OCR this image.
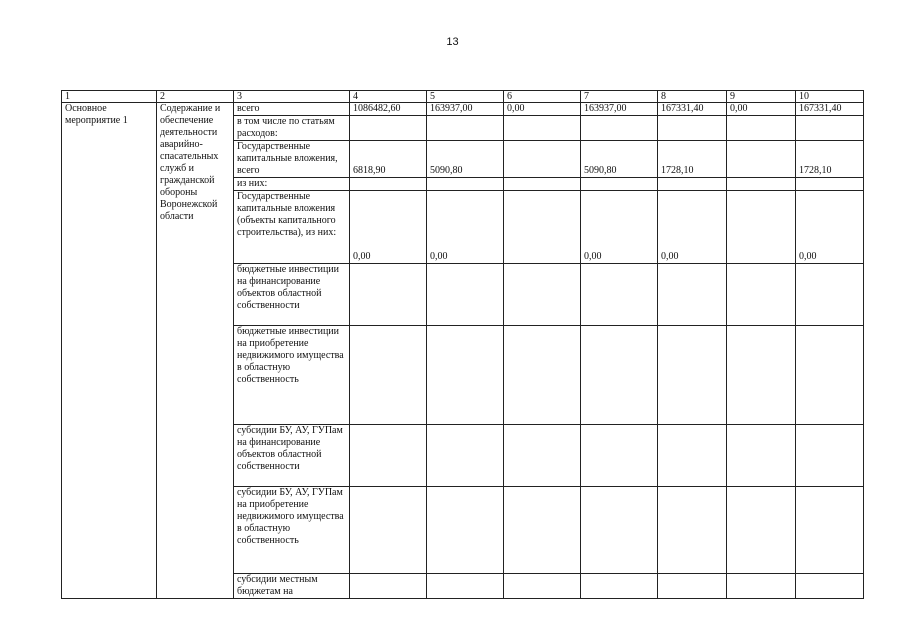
13
1	2	3	4	5	6	7	8	9	10
Основное мероприятие 1	Содержание и обеспечение деятельности аварийно-спасательных служб и гражданской обороны Воронежской области	всего	1086482,60	163937,00	0,00	163937,00	167331,40	0,00	167331,40
		в том числе по статьям расходов:							
		Государственные капитальные вложения, всего	6818,90	5090,80		5090,80	1728,10		1728,10
		из них:							
		Государственные капитальные вложения (объекты капитального строительства), из них:	0,00	0,00		0,00	0,00		0,00
		бюджетные инвестиции на финансирование объектов областной собственности							
		бюджетные инвестиции на приобретение недвижимого имущества в областную собственность							
		субсидии БУ, АУ, ГУПам на финансирование объектов областной собственности							
		субсидии БУ, АУ, ГУПам на приобретение недвижимого имущества в областную собственность							
		субсидии местным бюджетам на							
